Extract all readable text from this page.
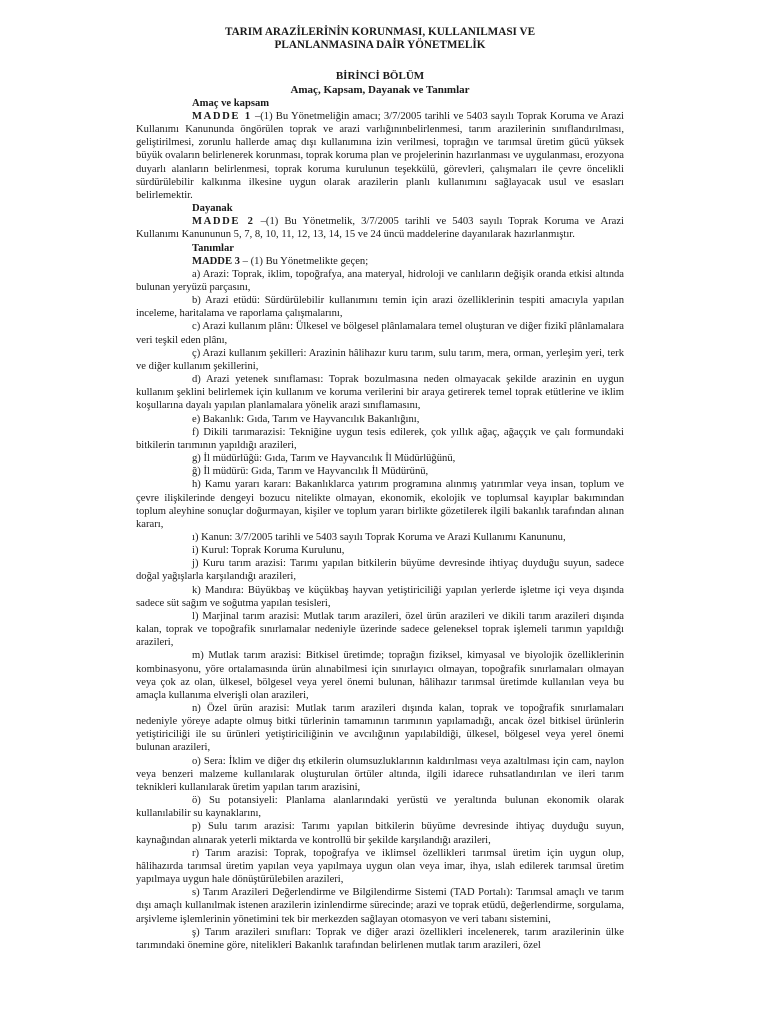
TARIM ARAZİLERİNİN KORUNMASI, KULLANILMASI VE

PLANLANMASINA DAİR YÖNETMELİK

BİRİNCİ BÖLÜM

Amaç, Kapsam, Dayanak ve Tanımlar

Amaç ve kapsam

MADDE 1 –(1) Bu Yönetmeliğin amacı; 3/7/2005 tarihli ve 5403 sayılı Toprak Koruma ve Arazi Kullanımı Kanununda öngörülen toprak ve arazi varlığınınbelirlenmesi, tarım arazilerinin sınıflandırılması, geliştirilmesi, zorunlu hallerde amaç dışı kullanımına izin verilmesi, toprağın ve tarımsal üretim gücü yüksek büyük ovaların belirlenerek korunması, toprak koruma plan ve projelerinin hazırlanması ve uygulanması, erozyona duyarlı alanların belirlenmesi, toprak koruma kurulunun teşekkülü, görevleri, çalışmaları ile çevre öncelikli sürdürülebilir kalkınma ilkesine uygun olarak arazilerin planlı kullanımını sağlayacak usul ve esasları belirlemektir.

Dayanak

MADDE 2 –(1) Bu Yönetmelik, 3/7/2005 tarihli ve 5403 sayılı Toprak Koruma ve Arazi Kullanımı Kanununun 5, 7, 8, 10, 11, 12, 13, 14, 15 ve 24 üncü maddelerine dayanılarak hazırlanmıştır.

Tanımlar

MADDE 3 – (1) Bu Yönetmelikte geçen;

a) Arazi: Toprak, iklim, topoğrafya, ana materyal, hidroloji ve canlıların değişik oranda etkisi altında bulunan yeryüzü parçasını,

b) Arazi etüdü: Sürdürülebilir kullanımını temin için arazi özelliklerinin tespiti amacıyla yapılan inceleme, haritalama ve raporlama çalışmalarını,

c) Arazi kullanım plânı: Ülkesel ve bölgesel plânlamalara temel oluşturan ve diğer fizikî plânlamalara veri teşkil eden plânı,

ç) Arazi kullanım şekilleri: Arazinin hâlihazır kuru tarım, sulu tarım, mera, orman, yerleşim yeri, terk ve diğer kullanım şekillerini,

d) Arazi yetenek sınıflaması: Toprak bozulmasına neden olmayacak şekilde arazinin en uygun kullanım şeklini belirlemek için kullanım ve koruma verilerini bir araya getirerek temel toprak etütlerine ve iklim koşullarına dayalı yapılan planlamalara yönelik arazi sınıflamasını,

e) Bakanlık: Gıda, Tarım ve Hayvancılık Bakanlığını,

f) Dikili tarımarazisi: Tekniğine uygun tesis edilerek, çok yıllık ağaç, ağaççık ve çalı formundaki bitkilerin tarımının yapıldığı arazileri,

g) İl müdürlüğü: Gıda, Tarım ve Hayvancılık İl Müdürlüğünü,

ğ) İl müdürü: Gıda, Tarım ve Hayvancılık İl Müdürünü,

h) Kamu yararı kararı: Bakanlıklarca yatırım programına alınmış yatırımlar veya insan, toplum ve çevre ilişkilerinde dengeyi bozucu nitelikte olmayan, ekonomik, ekolojik ve toplumsal kayıplar bakımından toplum aleyhine sonuçlar doğurmayan, kişiler ve toplum yararı birlikte gözetilerek ilgili bakanlık tarafından alınan kararı,

ı) Kanun: 3/7/2005 tarihli ve 5403 sayılı Toprak Koruma ve Arazi Kullanımı Kanununu,

i) Kurul: Toprak Koruma Kurulunu,

j) Kuru tarım arazisi: Tarımı yapılan bitkilerin büyüme devresinde ihtiyaç duyduğu suyun, sadece doğal yağışlarla karşılandığı arazileri,

k) Mandıra: Büyükbaş ve küçükbaş hayvan yetiştiriciliği yapılan yerlerde işletme içi veya dışında sadece süt sağım ve soğutma yapılan tesisleri,

l) Marjinal tarım arazisi: Mutlak tarım arazileri, özel ürün arazileri ve dikili tarım arazileri dışında kalan, toprak ve topoğrafik sınırlamalar nedeniyle üzerinde sadece geleneksel toprak işlemeli tarımın yapıldığı arazileri,

m) Mutlak tarım arazisi: Bitkisel üretimde; toprağın fiziksel, kimyasal ve biyolojik özelliklerinin kombinasyonu, yöre ortalamasında ürün alınabilmesi için sınırlayıcı olmayan, topoğrafik sınırlamaları olmayan veya çok az olan, ülkesel, bölgesel veya yerel önemi bulunan, hâlihazır tarımsal üretimde kullanılan veya bu amaçla kullanıma elverişli olan arazileri,

n) Özel ürün arazisi: Mutlak tarım arazileri dışında kalan, toprak ve topoğrafik sınırlamaları nedeniyle yöreye adapte olmuş bitki türlerinin tamamının tarımının yapılamadığı, ancak özel bitkisel ürünlerin yetiştiriciliği ile su ürünleri yetiştiriciliğinin ve avcılığının yapılabildiği, ülkesel, bölgesel veya yerel önemi bulunan arazileri,

o) Sera: İklim ve diğer dış etkilerin olumsuzluklarının kaldırılması veya azaltılması için cam, naylon veya benzeri malzeme kullanılarak oluşturulan örtüler altında, ilgili idarece ruhsatlandırılan ve ileri tarım teknikleri kullanılarak üretim yapılan tarım arazisini,

ö) Su potansiyeli: Planlama alanlarındaki yerüstü ve yeraltında bulunan ekonomik olarak kullanılabilir su kaynaklarını,

p) Sulu tarım arazisi: Tarımı yapılan bitkilerin büyüme devresinde ihtiyaç duyduğu suyun, kaynağından alınarak yeterli miktarda ve kontrollü bir şekilde karşılandığı arazileri,

r) Tarım arazisi: Toprak, topoğrafya ve iklimsel özellikleri tarımsal üretim için uygun olup, hâlihazırda tarımsal üretim yapılan veya yapılmaya uygun olan veya imar, ihya, ıslah edilerek tarımsal üretim yapılmaya uygun hale dönüştürülebilen arazileri,

s) Tarım Arazileri Değerlendirme ve Bilgilendirme Sistemi (TAD Portalı): Tarımsal amaçlı ve tarım dışı amaçlı kullanılmak istenen arazilerin izinlendirme sürecinde; arazi ve toprak etüdü, değerlendirme, sorgulama, arşivleme işlemlerinin yönetimini tek bir merkezden sağlayan otomasyon ve veri tabanı sistemini,

ş) Tarım arazileri sınıfları: Toprak ve diğer arazi özellikleri incelenerek, tarım arazilerinin ülke tarımındaki önemine göre, nitelikleri Bakanlık tarafından belirlenen mutlak tarım arazileri, özel
